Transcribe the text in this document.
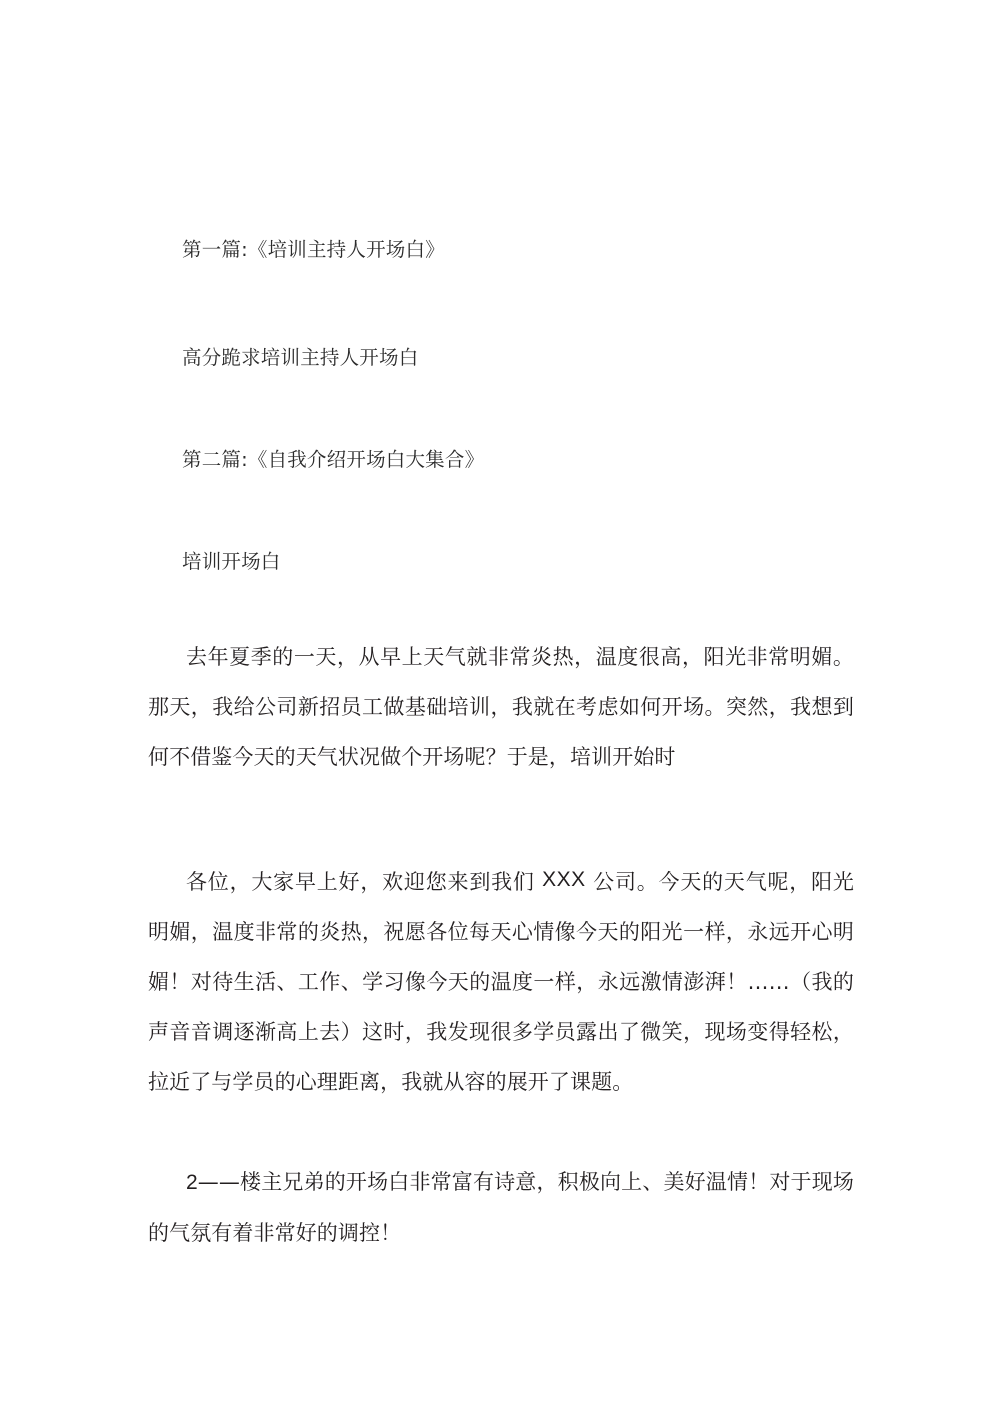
第一篇:《培训主持人开场白》
高分跪求培训主持人开场白
第二篇:《自我介绍开场白大集合》
培训开场白

去年夏季的一天，从早上天气就非常炎热，温度很高，阳光非常明媚。那天，我给公司新招员工做基础培训，我就在考虑如何开场。突然，我想到何不借鉴今天的天气状况做个开场呢？于是，培训开始时

各位，大家早上好，欢迎您来到我们 XXX 公司。今天的天气呢，阳光明媚，温度非常的炎热，祝愿各位每天心情像今天的阳光一样，永远开心明媚！对待生活、工作、学习像今天的温度一样，永远激情澎湃！……（我的声音音调逐渐高上去）这时，我发现很多学员露出了微笑，现场变得轻松，拉近了与学员的心理距离，我就从容的展开了课题。

2——楼主兄弟的开场白非常富有诗意，积极向上、美好温情！对于现场的气氛有着非常好的调控！
